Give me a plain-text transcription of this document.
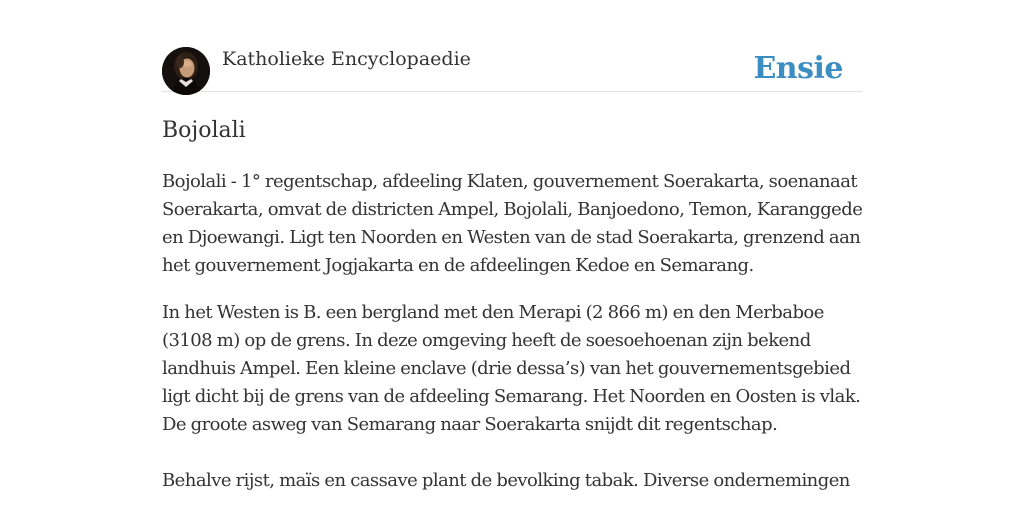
Katholieke Encyclopaedie	Ensie
Bojolali

Bojolali - 1° regentschap, afdeeling Klaten, gouvernement Soerakarta, soenanaat Soerakarta, omvat de districten Ampel, Bojolali, Banjoedono, Temon, Karanggede en Djoewangi. Ligt ten Noorden en Westen van de stad Soerakarta, grenzend aan het gouvernement Jogjakarta en de afdeelingen Kedoe en Semarang.

In het Westen is B. een bergland met den Merapi (2 866 m) en den Merbaboe (3108 m) op de grens. In deze omgeving heeft de soesoehoenan zijn bekend landhuis Ampel. Een kleine enclave (drie dessa’s) van het gouvernementsgebied ligt dicht bij de grens van de afdeeling Semarang. Het Noorden en Oosten is vlak. De groote asweg van Semarang naar Soerakarta snijdt dit regentschap.

Behalve rijst, maïs en cassave plant de bevolking tabak. Diverse ondernemingen
